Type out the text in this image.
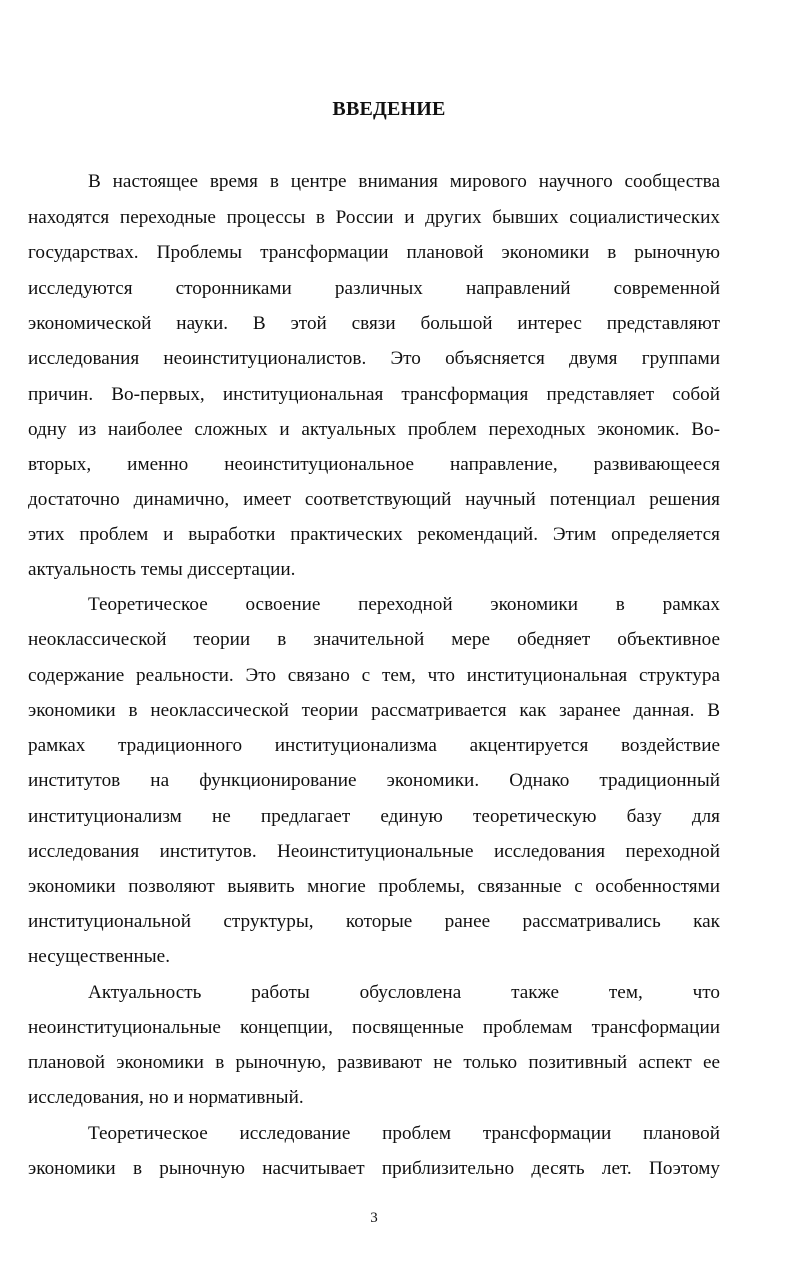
ВВЕДЕНИЕ
В настоящее время в центре внимания мирового научного сообщества
находятся переходные процессы в России и других бывших социалистических
государствах. Проблемы трансформации плановой экономики в рыночную
исследуются сторонниками различных направлений современной
экономической науки. В этой связи большой интерес представляют
исследования неоинституционалистов. Это объясняется двумя группами
причин. Во-первых, институциональная трансформация представляет собой
одну из наиболее сложных и актуальных проблем переходных экономик. Во-
вторых, именно неоинституциональное направление, развивающееся
достаточно динамично, имеет соответствующий научный потенциал решения
этих проблем и выработки практических рекомендаций. Этим определяется
актуальность темы диссертации.
Теоретическое освоение переходной экономики в рамках
неоклассической теории в значительной мере обедняет объективное
содержание реальности. Это связано с тем, что институциональная структура
экономики в неоклассической теории рассматривается как заранее данная. В
рамках традиционного институционализма акцентируется воздействие
институтов на функционирование экономики. Однако традиционный
институционализм не предлагает единую теоретическую базу для
исследования институтов. Неоинституциональные исследования переходной
экономики позволяют выявить многие проблемы, связанные с особенностями
институциональной структуры, которые ранее рассматривались как
несущественные.
Актуальность работы обусловлена также тем, что
неоинституциональные концепции, посвященные проблемам трансформации
плановой экономики в рыночную, развивают не только позитивный аспект ее
исследования, но и нормативный.
Теоретическое исследование проблем трансформации плановой
экономики в рыночную насчитывает приблизительно десять лет. Поэтому
3
